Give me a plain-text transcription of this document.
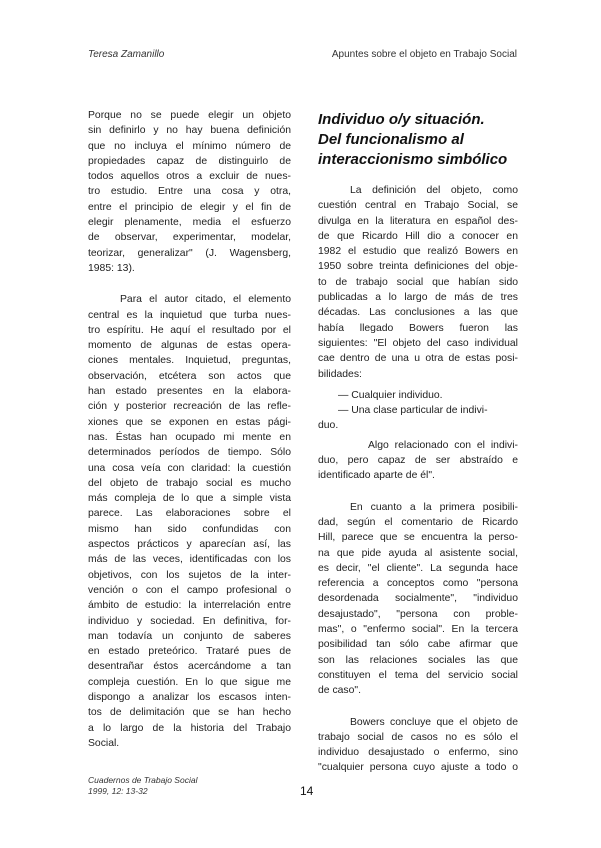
Teresa Zamanillo	Apuntes sobre el objeto en Trabajo Social
Porque no se puede elegir un objeto
sin definirlo y no hay buena definición
que no incluya el mínimo número de
propiedades capaz de distinguirlo de
todos aquellos otros a excluir de nues-
tro estudio. Entre una cosa y otra,
entre el principio de elegir y el fin de
elegir plenamente, media el esfuerzo
de observar, experimentar, modelar,
teorizar, generalizar" (J. Wagensberg,
1985: 13).
Para el autor citado, el elemento
central es la inquietud que turba nues-
tro espíritu. He aquí el resultado por el
momento de algunas de estas opera-
ciones mentales. Inquietud, preguntas,
observación, etcétera son actos que
han estado presentes en la elabora-
ción y posterior recreación de las refle-
xiones que se exponen en estas pági-
nas. Éstas han ocupado mi mente en
determinados períodos de tiempo. Sólo
una cosa veía con claridad: la cuestión
del objeto de trabajo social es mucho
más compleja de lo que a simple vista
parece. Las elaboraciones sobre el
mismo han sido confundidas con
aspectos prácticos y aparecían así, las
más de las veces, identificadas con los
objetivos, con los sujetos de la inter-
vención o con el campo profesional o
ámbito de estudio: la interrelación entre
individuo y sociedad. En definitiva, for-
man todavía un conjunto de saberes
en estado preteórico. Trataré pues de
desentrañar éstos acercándome a tan
compleja cuestión. En lo que sigue me
dispongo a analizar los escasos inten-
tos de delimitación que se han hecho
a lo largo de la historia del Trabajo
Social.
Individuo o/y situación.
Del funcionalismo al
interaccionismo simbólico
La definición del objeto, como
cuestión central en Trabajo Social, se
divulga en la literatura en español des-
de que Ricardo Hill dio a conocer en
1982 el estudio que realizó Bowers en
1950 sobre treinta definiciones del obje-
to de trabajo social que habían sido
publicadas a lo largo de más de tres
décadas. Las conclusiones a las que
había llegado Bowers fueron las
siguientes: "El objeto del caso individual
cae dentro de una u otra de estas posi-
bilidades:
— Cualquier individuo.
— Una clase particular de indivi-
duo.
Algo relacionado con el indivi-
duo, pero capaz de ser abstraído e
identificado aparte de él".
En cuanto a la primera posibili-
dad, según el comentario de Ricardo
Hill, parece que se encuentra la perso-
na que pide ayuda al asistente social,
es decir, "el cliente". La segunda hace
referencia a conceptos como "persona
desordenada socialmente", "individuo
desajustado", "persona con proble-
mas", o "enfermo social". En la tercera
posibilidad tan sólo cabe afirmar que
son las relaciones sociales las que
constituyen el tema del servicio social
de caso".
Bowers concluye que el objeto de
trabajo social de casos no es sólo el
individuo desajustado o enfermo, sino
"cualquier persona cuyo ajuste a todo o
Cuadernos de Trabajo Social
1999, 12: 13-32	14
